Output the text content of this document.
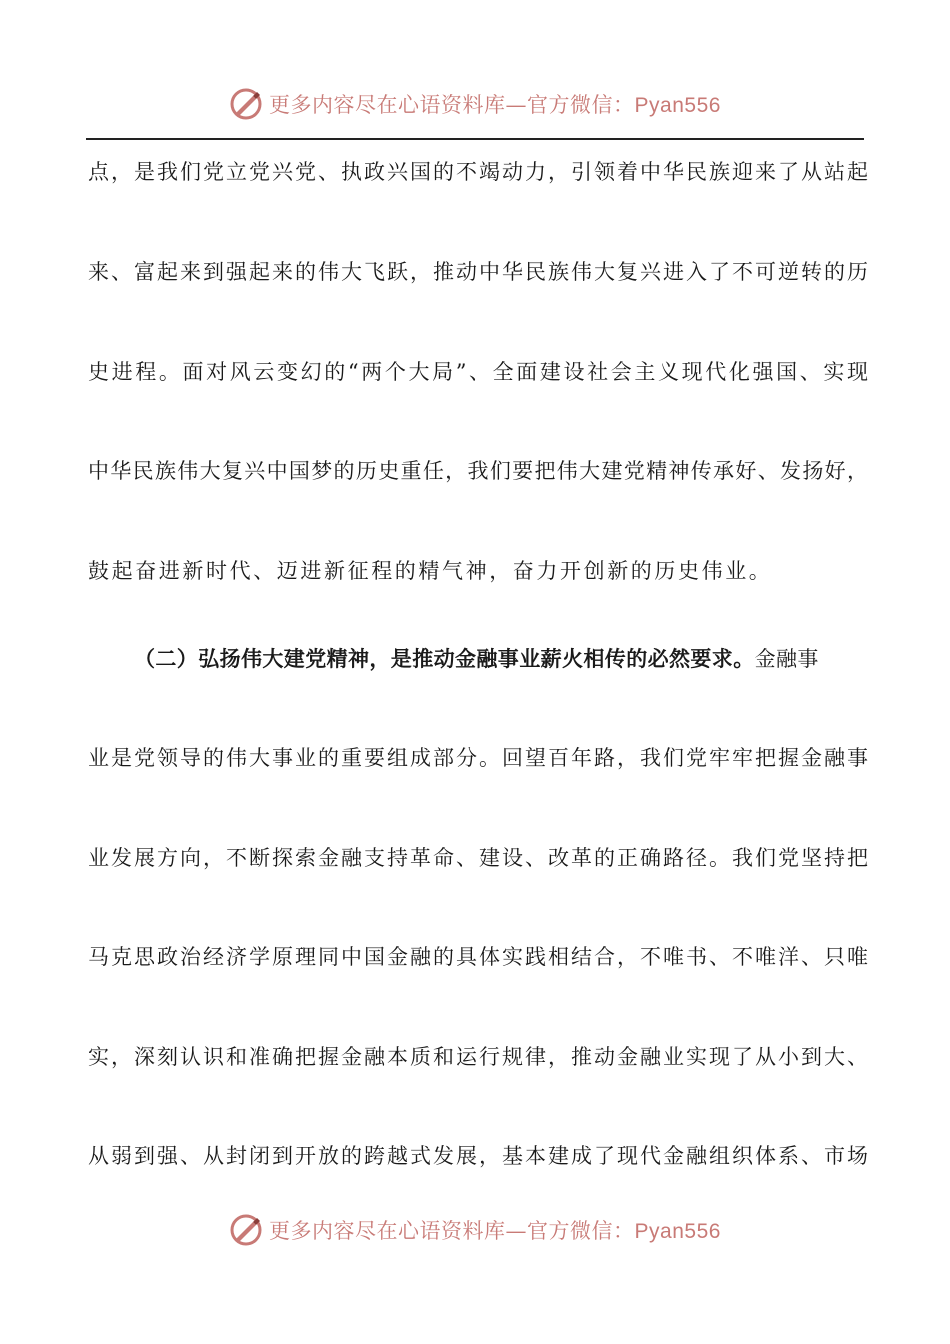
更多内容尽在心语资料库—官方微信：Pyan556
点，是我们党立党兴党、执政兴国的不竭动力，引领着中华民族迎来了从站起
来、富起来到强起来的伟大飞跃，推动中华民族伟大复兴进入了不可逆转的历
史进程。面对风云变幻的“两个大局”、全面建设社会主义现代化强国、实现
中华民族伟大复兴中国梦的历史重任，我们要把伟大建党精神传承好、发扬好，
鼓起奋进新时代、迈进新征程的精气神，奋力开创新的历史伟业。
（二）弘扬伟大建党精神，是推动金融事业薪火相传的必然要求。金融事
业是党领导的伟大事业的重要组成部分。回望百年路，我们党牢牢把握金融事
业发展方向，不断探索金融支持革命、建设、改革的正确路径。我们党坚持把
马克思政治经济学原理同中国金融的具体实践相结合，不唯书、不唯洋、只唯
实，深刻认识和准确把握金融本质和运行规律，推动金融业实现了从小到大、
从弱到强、从封闭到开放的跨越式发展，基本建成了现代金融组织体系、市场
更多内容尽在心语资料库—官方微信：Pyan556
